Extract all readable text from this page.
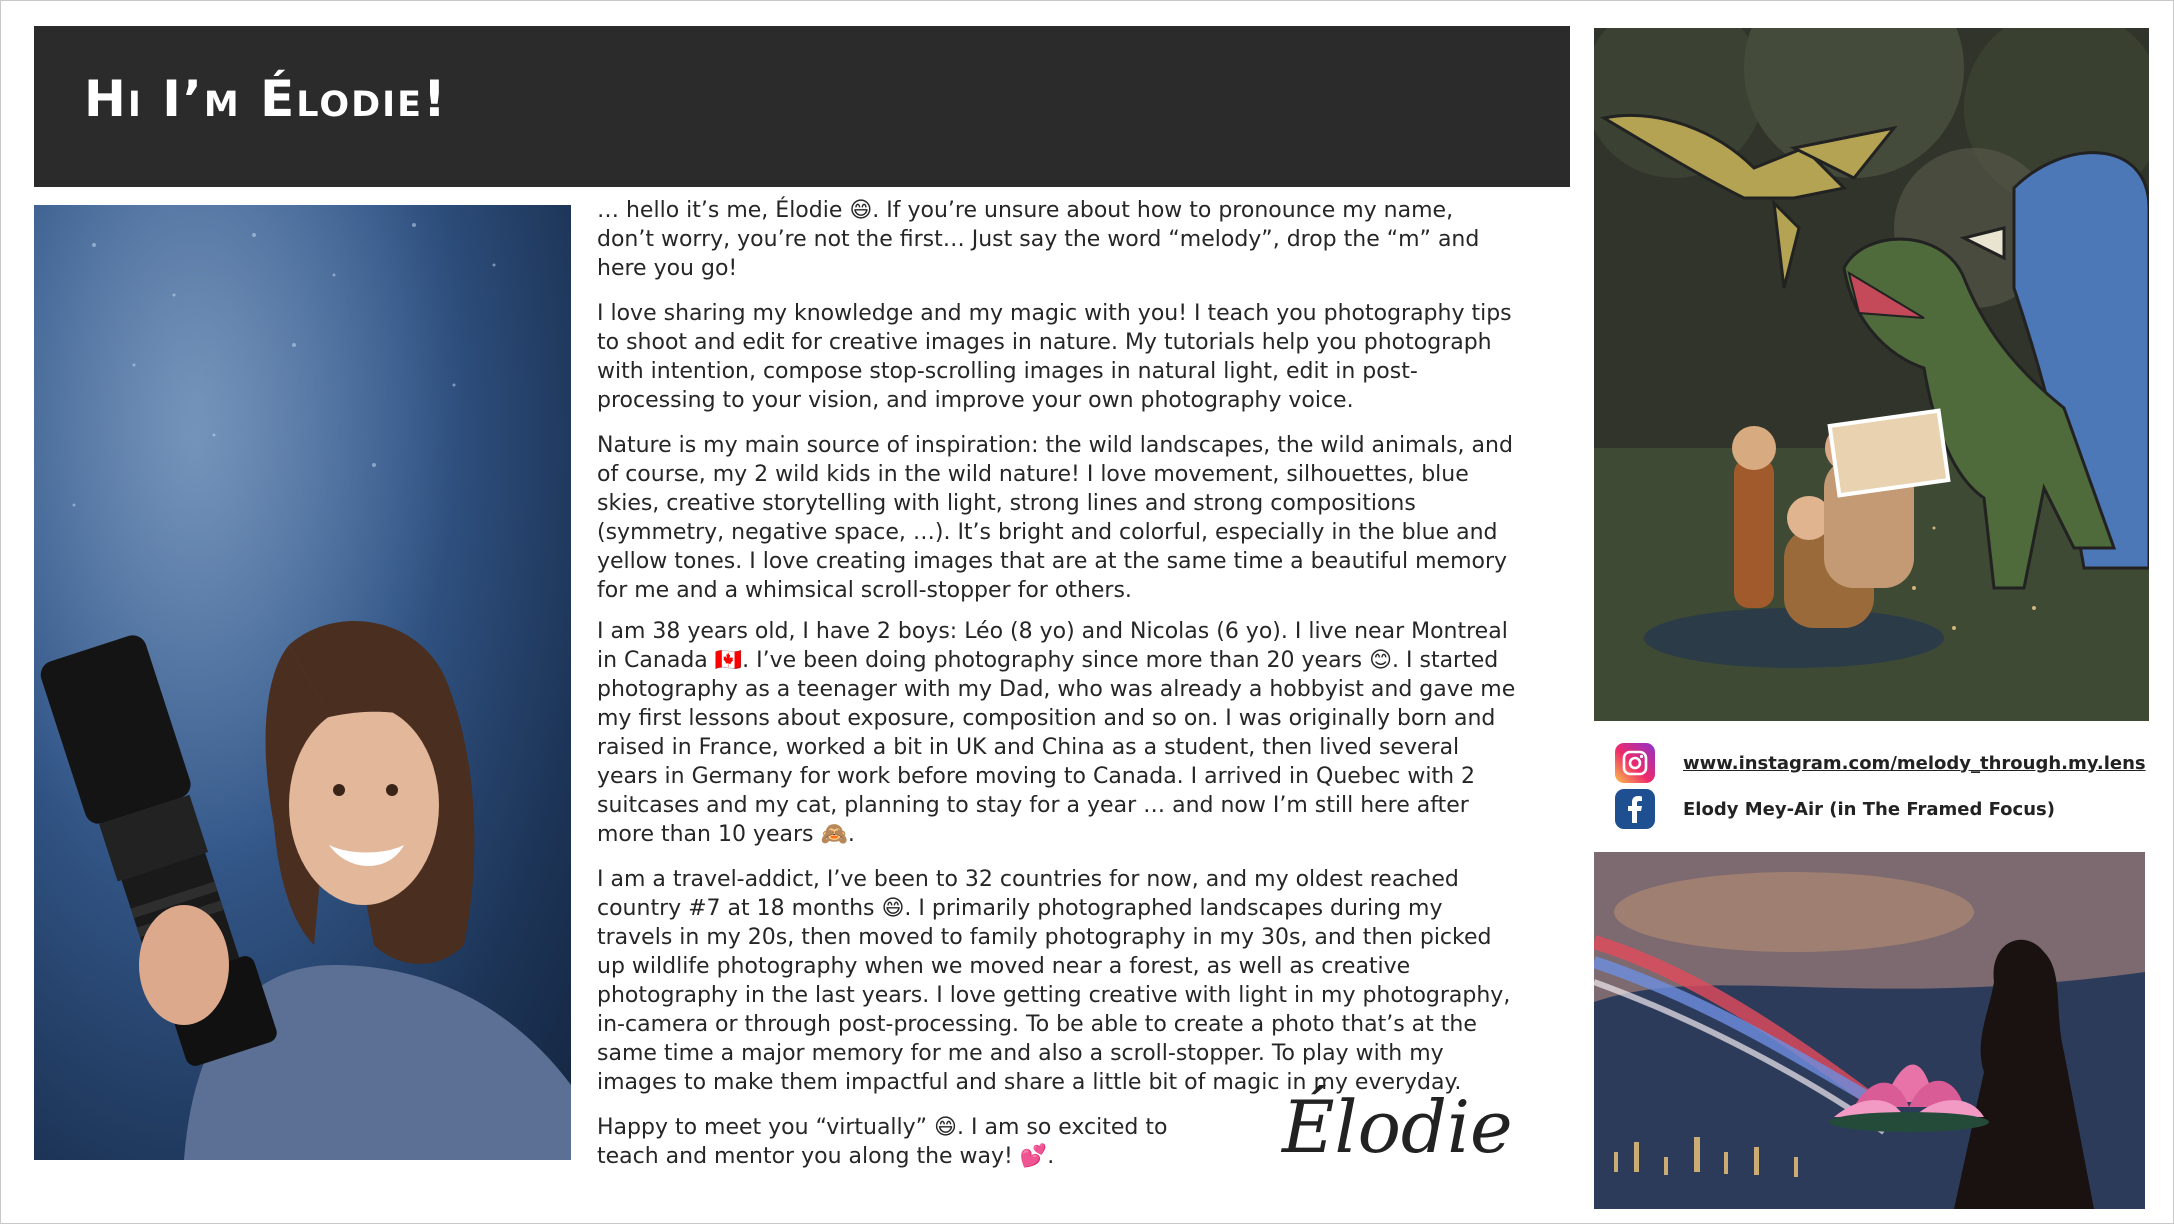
Hi I’m Élodie!

… hello it’s me, Élodie 😄. If you’re unsure about how to pronounce my name, don’t worry, you’re not the first… Just say the word “melody”, drop the “m” and here you go!

I love sharing my knowledge and my magic with you! I teach you photography tips to shoot and edit for creative images in nature. My tutorials help you photograph with intention, compose stop-scrolling images in natural light, edit in post-processing to your vision, and improve your own photography voice.

Nature is my main source of inspiration: the wild landscapes, the wild animals, and of course, my 2 wild kids in the wild nature! I love movement, silhouettes, blue skies, creative storytelling with light, strong lines and strong compositions (symmetry, negative space, …). It’s bright and colorful, especially in the blue and yellow tones. I love creating images that are at the same time a beautiful memory for me and a whimsical scroll-stopper for others.

I am 38 years old, I have 2 boys: Léo (8 yo) and Nicolas (6 yo). I live near Montreal in Canada 🇨🇦. I’ve been doing photography since more than 20 years 😊. I started photography as a teenager with my Dad, who was already a hobbyist and gave me my first lessons about exposure, composition and so on. I was originally born and raised in France, worked a bit in UK and China as a student, then lived several years in Germany for work before moving to Canada. I arrived in Quebec with 2 suitcases and my cat, planning to stay for a year … and now I’m still here after more than 10 years 🙈.

I am a travel-addict, I’ve been to 32 countries for now, and my oldest reached country #7 at 18 months 😄. I primarily photographed landscapes during my travels in my 20s, then moved to family photography in my 30s, and then picked up wildlife photography when we moved near a forest, as well as creative photography in the last years. I love getting creative with light in my photography, in-camera or through post-processing. To be able to create a photo that’s at the same time a major memory for me and also a scroll-stopper. To play with my images to make them impactful and share a little bit of magic in my everyday.

Happy to meet you “virtually” 😄. I am so excited to teach and mentor you along the way! 💕.	Élodie
www.instagram.com/melody_through.my.lens
Elody Mey-Air (in The Framed Focus)
